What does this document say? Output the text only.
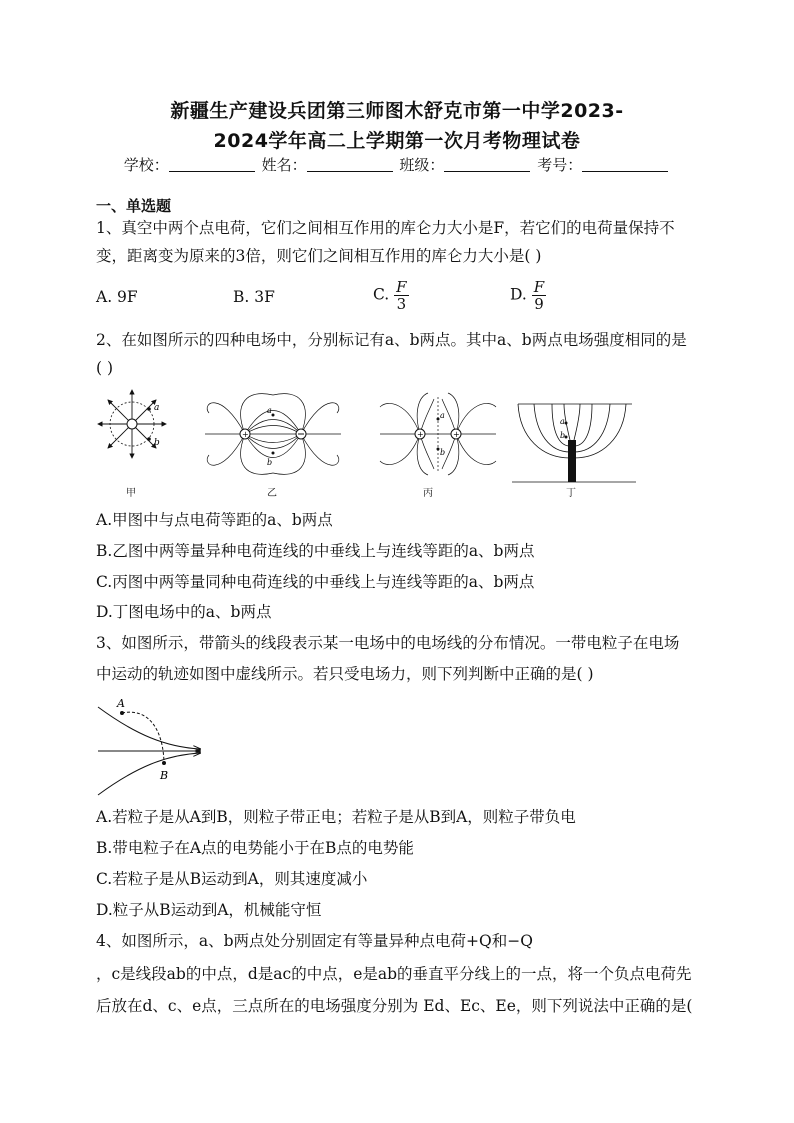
新疆生产建设兵团第三师图木舒克市第一中学2023-
2024学年高二上学期第一次月考物理试卷
学校：	姓名：	班级：	考号：
一、单选题
1、真空中两个点电荷，它们之间相互作用的库仑力大小是F，若它们的电荷量保持不
变，距离变为原来的3倍，则它们之间相互作用的库仑力大小是( )
A. 9F	B. 3F	C. $\frac{F}{3}$	D. $\frac{F}{9}$
2、在如图所示的四种电场中，分别标记有a、b两点。其中a、b两点电场强度相同的是
( )
a
b
+
a
b
+	+
a
b
a
b
甲	乙	丙	丁
A.甲图中与点电荷等距的a、b两点
B.乙图中两等量异种电荷连线的中垂线上与连线等距的a、b两点
C.丙图中两等量同种电荷连线的中垂线上与连线等距的a、b两点
D.丁图电场中的a、b两点
3、如图所示，带箭头的线段表示某一电场中的电场线的分布情况。一带电粒子在电场
中运动的轨迹如图中虚线所示。若只受电场力，则下列判断中正确的是( )
A
B
A.若粒子是从A到B，则粒子带正电；若粒子是从B到A，则粒子带负电
B.带电粒子在A点的电势能小于在B点的电势能
C.若粒子是从B运动到A，则其速度减小
D.粒子从B运动到A，机械能守恒
4、如图所示，a、b两点处分别固定有等量异种点电荷+Q和−Q
，c是线段ab的中点，d是ac的中点，e是ab的垂直平分线上的一点，将一个负点电荷先
后放在d、c、e点，三点所在的电场强度分别为 Ed、Ec、Ee，则下列说法中正确的是(
